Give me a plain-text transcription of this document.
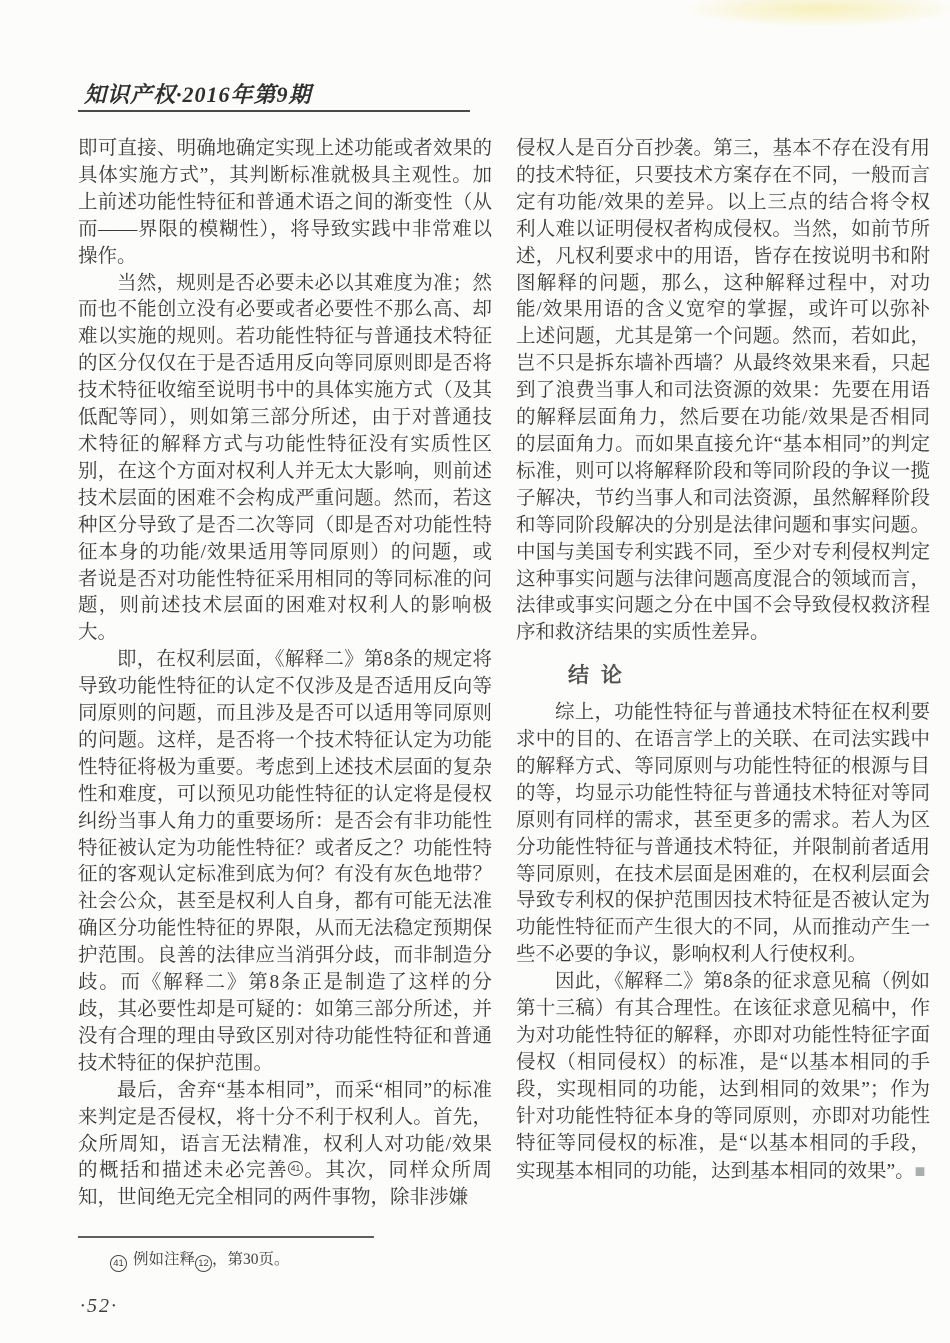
知识产权·2016年第9期

即可直接、明确地确定实现上述功能或者效果的具体实施方式”，其判断标准就极具主观性。加上前述功能性特征和普通术语之间的渐变性（从而——界限的模糊性），将导致实践中非常难以操作。

当然，规则是否必要未必以其难度为准；然而也不能创立没有必要或者必要性不那么高、却难以实施的规则。若功能性特征与普通技术特征的区分仅仅在于是否适用反向等同原则即是否将技术特征收缩至说明书中的具体实施方式（及其低配等同），则如第三部分所述，由于对普通技术特征的解释方式与功能性特征没有实质性区别，在这个方面对权利人并无太大影响，则前述技术层面的困难不会构成严重问题。然而，若这种区分导致了是否二次等同（即是否对功能性特征本身的功能/效果适用等同原则）的问题，或者说是否对功能性特征采用相同的等同标准的问题，则前述技术层面的困难对权利人的影响极大。

即，在权利层面，《解释二》第8条的规定将导致功能性特征的认定不仅涉及是否适用反向等同原则的问题，而且涉及是否可以适用等同原则的问题。这样，是否将一个技术特征认定为功能性特征将极为重要。考虑到上述技术层面的复杂性和难度，可以预见功能性特征的认定将是侵权纠纷当事人角力的重要场所：是否会有非功能性特征被认定为功能性特征？或者反之？功能性特征的客观认定标准到底为何？有没有灰色地带？社会公众，甚至是权利人自身，都有可能无法准确区分功能性特征的界限，从而无法稳定预期保护范围。良善的法律应当消弭分歧，而非制造分歧。而《解释二》第8条正是制造了这样的分歧，其必要性却是可疑的：如第三部分所述，并没有合理的理由导致区别对待功能性特征和普通技术特征的保护范围。

最后，舍弃“基本相同”，而采“相同”的标准来判定是否侵权，将十分不利于权利人。首先，众所周知，语言无法精准，权利人对功能/效果的概括和描述未必完善 41 。其次，同样众所周知，世间绝无完全相同的两件事物，除非涉嫌

侵权人是百分百抄袭。第三，基本不存在没有用的技术特征，只要技术方案存在不同，一般而言定有功能/效果的差异。以上三点的结合将令权利人难以证明侵权者构成侵权。当然，如前节所述，凡权利要求中的用语，皆存在按说明书和附图解释的问题，那么，这种解释过程中，对功能/效果用语的含义宽窄的掌握，或许可以弥补上述问题，尤其是第一个问题。然而，若如此，岂不只是拆东墙补西墙？从最终效果来看，只起到了浪费当事人和司法资源的效果：先要在用语的解释层面角力，然后要在功能/效果是否相同的层面角力。而如果直接允许“基本相同”的判定标准，则可以将解释阶段和等同阶段的争议一揽子解决，节约当事人和司法资源，虽然解释阶段和等同阶段解决的分别是法律问题和事实问题。中国与美国专利实践不同，至少对专利侵权判定这种事实问题与法律问题高度混合的领域而言，法律或事实问题之分在中国不会导致侵权救济程序和救济结果的实质性差异。

结 论

综上，功能性特征与普通技术特征在权利要求中的目的、在语言学上的关联、在司法实践中的解释方式、等同原则与功能性特征的根源与目的等，均显示功能性特征与普通技术特征对等同原则有同样的需求，甚至更多的需求。若人为区分功能性特征与普通技术特征，并限制前者适用等同原则，在技术层面是困难的，在权利层面会导致专利权的保护范围因技术特征是否被认定为功能性特征而产生很大的不同，从而推动产生一些不必要的争议，影响权利人行使权利。

因此，《解释二》第8条的征求意见稿（例如第十三稿）有其合理性。在该征求意见稿中，作为对功能性特征的解释，亦即对功能性特征字面侵权（相同侵权）的标准，是“以基本相同的手段，实现相同的功能，达到相同的效果”；作为针对功能性特征本身的等同原则，亦即对功能性特征等同侵权的标准，是“以基本相同的手段，实现基本相同的功能，达到基本相同的效果”。■

41 例如注释 12 ，第30页。
·52·
